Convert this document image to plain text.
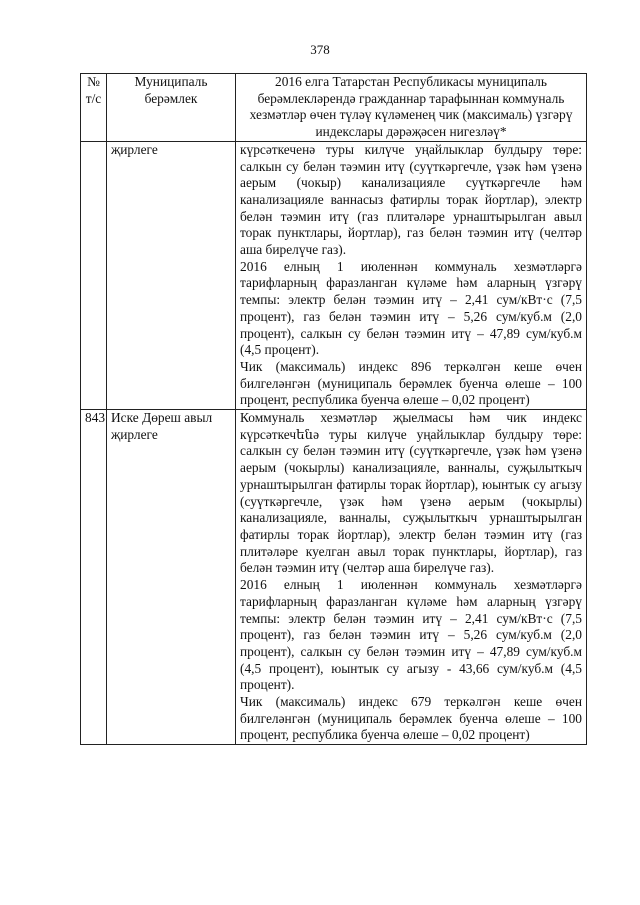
378
№ т/с	Муниципаль берәмлек	2016 елга Татарстан Республикасы муниципаль берәмлекләрендә гражданнар тарафыннан коммуналь хезмәтләр өчен түләү күләменең чик (максималь) үзгәрү индекслары дәрәҗәсен нигезләү*
	җирлеге	күрсәткеченә туры килүче уңайлыклар булдыру төре: салкын су белән тәэмин итү (суүткәргечле, үзәк һәм үзенә аерым (чокыр) канализацияле суүткәргечле һәм канализацияле ваннасыз фатирлы торак йортлар), электр белән тәэмин итү (газ плитәләре урнаштырылган авыл торак пунктлары, йортлар), газ белән тәэмин итү (челтәр аша бирелүче газ).
2016 елның 1 июленнән коммуналь хезмәтләргә тарифларның фаразланган күләме һәм аларның үзгәрү темпы: электр белән тәэмин итү – 2,41 сум/кВт·с (7,5 процент), газ белән тәэмин итү – 5,26 сум/куб.м (2,0 процент), салкын су белән тәэмин итү – 47,89 сум/куб.м (4,5 процент).
Чик (максималь) индекс 896 теркәлгән кеше өчен билгеләнгән (муниципаль берәмлек буенча өлеше – 100 процент, республика буенча өлеше – 0,02 процент)

843	Иске Дөреш авыл җирлеге	Коммуналь хезмәтләр җыелмасы һәм чик индекс күрсәткечենә туры килүче уңайлыклар булдыру төре: салкын су белән тәэмин итү (суүткәргечле, үзәк һәм үзенә аерым (чокырлы) канализацияле, ванналы, суҗылыткыч урнаштырылган фатирлы торак йортлар), юынтык су агызу (суүткәргечле, үзәк һәм үзенә аерым (чокырлы) канализацияле, ванналы, суҗылыткыч урнаштырылган фатирлы торак йортлар), электр белән тәэмин итү (газ плитәләре куелган авыл торак пунктлары, йортлар), газ белән тәэмин итү (челтәр аша бирелүче газ).
2016 елның 1 июленнән коммуналь хезмәтләргә тарифларның фаразланган күләме һәм аларның үзгәрү темпы: электр белән тәэмин итү – 2,41 сум/кВт·с (7,5 процент), газ белән тәэмин итү – 5,26 сум/куб.м (2,0 процент), салкын су белән тәэмин итү – 47,89 сум/куб.м (4,5 процент), юынтык су агызу - 43,66 сум/куб.м (4,5 процент).
Чик (максималь) индекс 679 теркәлгән кеше өчен билгеләнгән (муниципаль берәмлек буенча өлеше – 100 процент, республика буенча өлеше – 0,02 процент)
